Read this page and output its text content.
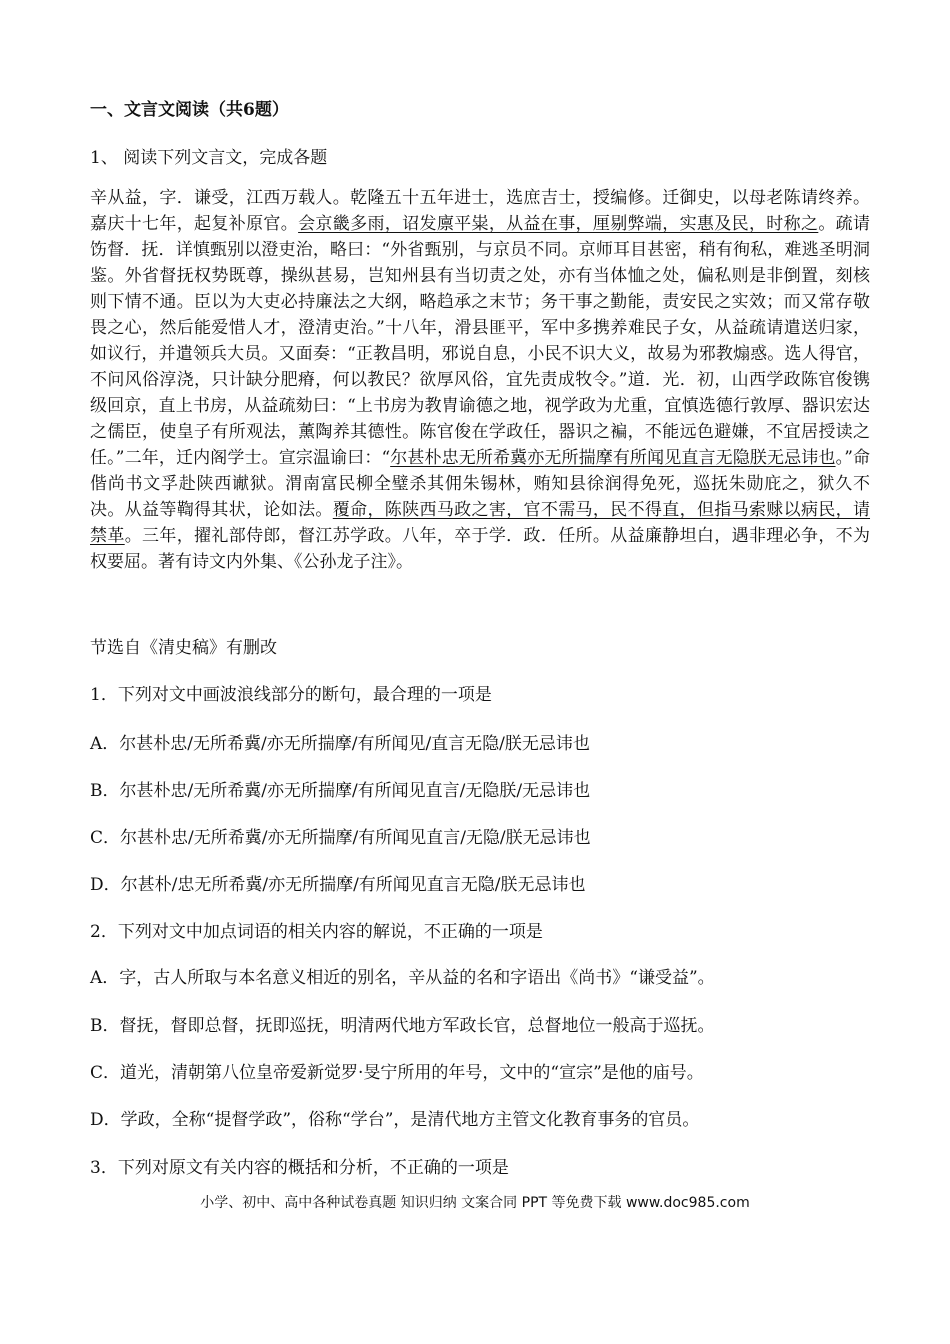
一、文言文阅读（共6题）
1、 阅读下列文言文，完成各题

辛从益，字．谦受，江西万载人。乾隆五十五年进士，选庶吉士，授编修。迁御史，以母老陈请终养。嘉庆十七年，起复补原官。会京畿多雨，诏发廪平粜，从益在事，厘剔弊端，实惠及民，时称之。疏请饬督．抚．详慎甄别以澄吏治，略曰：“外省甄别，与京员不同。京师耳目甚密，稍有徇私，难逃圣明洞鉴。外省督抚权势既尊，操纵甚易，岂知州县有当切责之处，亦有当体恤之处，偏私则是非倒置，刻核则下情不通。臣以为大吏必持廉法之大纲，略趋承之末节；务干事之勤能，责安民之实效；而又常存敬畏之心，然后能爱惜人才，澄清吏治。”十八年，滑县匪平，军中多携养难民子女，从益疏请遣送归家，如议行，并遣领兵大员。又面奏：“正教昌明，邪说自息，小民不识大义，故易为邪教煽惑。选人得官，不问风俗淳浇，只计缺分肥瘠，何以教民？欲厚风俗，宜先责成牧令。”道．光．初，山西学政陈官俊镌级回京，直上书房，从益疏劾曰：“上书房为教胄谕德之地，视学政为尤重，宜慎选德行敦厚、器识宏达之儒臣，使皇子有所观法，薰陶养其德性。陈官俊在学政任，器识之褊，不能远色避嫌，不宜居授读之任。”二年，迁内阁学士。宣宗温谕曰：“尔甚朴忠无所希冀亦无所揣摩有所闻见直言无隐朕无忌讳也。”命偕尚书文孚赴陕西谳狱。渭南富民柳全璧杀其佣朱锡林，贿知县徐润得免死，巡抚朱勋庇之，狱久不决。从益等鞫得其状，论如法。覆命，陈陕西马政之害，官不需马，民不得直，但指马索赇以病民，请禁革。三年，擢礼部侍郎，督江苏学政。八年，卒于学．政．任所。从益廉静坦白，遇非理必争，不为权要屈。著有诗文内外集、《公孙龙子注》。

节选自《清史稿》有删改
1．下列对文中画波浪线部分的断句，最合理的一项是
A．尔甚朴忠/无所希冀/亦无所揣摩/有所闻见/直言无隐/朕无忌讳也
B．尔甚朴忠/无所希冀/亦无所揣摩/有所闻见直言/无隐朕/无忌讳也
C．尔甚朴忠/无所希冀/亦无所揣摩/有所闻见直言/无隐/朕无忌讳也
D．尔甚朴/忠无所希冀/亦无所揣摩/有所闻见直言无隐/朕无忌讳也
2．下列对文中加点词语的相关内容的解说，不正确的一项是
A．字，古人所取与本名意义相近的别名，辛从益的名和字语出《尚书》“谦受益”。
B．督抚，督即总督，抚即巡抚，明清两代地方军政长官，总督地位一般高于巡抚。
C．道光，清朝第八位皇帝爱新觉罗·旻宁所用的年号，文中的“宣宗”是他的庙号。
D．学政，全称“提督学政”，俗称“学台”，是清代地方主管文化教育事务的官员。
3．下列对原文有关内容的概括和分析，不正确的一项是
小学、初中、高中各种试卷真题 知识归纳 文案合同 PPT 等免费下载 www.doc985.com
